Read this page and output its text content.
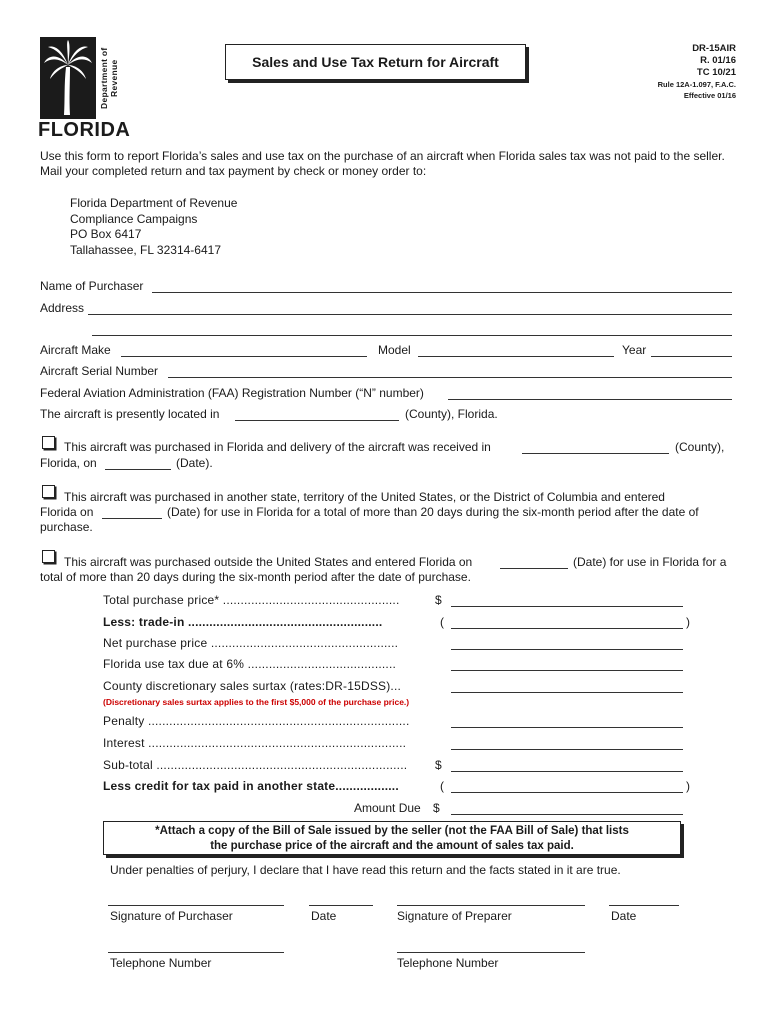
Department of Revenue
FLORIDA
Sales and Use Tax Return for Aircraft
DR-15AIR
R. 01/16
TC 10/21
Rule 12A-1.097, F.A.C.
Effective 01/16
Use this form to report Florida’s sales and use tax on the purchase of an aircraft when Florida sales tax was not paid to the seller. Mail your completed return and tax payment by check or money order to:
Florida Department of Revenue
Compliance Campaigns
PO Box 6417
Tallahassee, FL 32314-6417
Name of Purchaser
Address
Aircraft Make	Model	Year
Aircraft Serial Number
Federal Aviation Administration (FAA) Registration Number (“N” number)
The aircraft is presently located in	(County), Florida.
This aircraft was purchased in Florida and delivery of the aircraft was received in	(County),
Florida, on	(Date).
This aircraft was purchased in another state, territory of the United States, or the District of Columbia and entered
Florida on	(Date) for use in Florida for a total of more than 20 days during the six-month period after the date of
purchase.
This aircraft was purchased outside the United States and entered Florida on	(Date) for use in Florida for a
total of more than 20 days during the six-month period after the date of purchase.
Total purchase price* ..................................................	$
Less: trade-in .......................................................	(	)
Net purchase price .....................................................
Florida use tax due at 6% ..........................................
County discretionary sales surtax (rates:DR-15DSS)...
(Discretionary sales surtax applies to the first $5,000 of the purchase price.)
Penalty ..........................................................................
Interest .........................................................................
Sub-total ....................................................................... $
Less credit for tax paid in another state..................	(	)
Amount Due $
*Attach a copy of the Bill of Sale issued by the seller (not the FAA Bill of Sale) that lists
the purchase price of the aircraft and the amount of sales tax paid.
Under penalties of perjury, I declare that I have read this return and the facts stated in it are true.
Signature of Purchaser	Date	Signature of Preparer	Date
Telephone Number	Telephone Number
